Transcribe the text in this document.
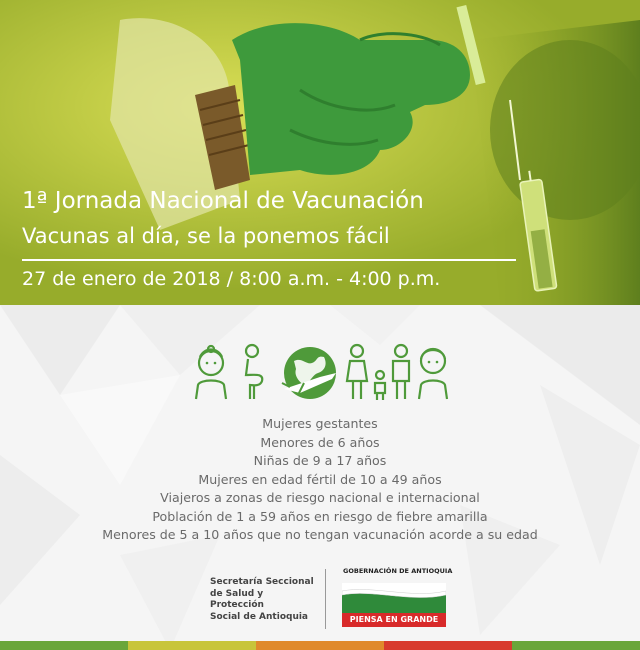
1ª Jornada Nacional de Vacunación
Vacunas al día, se la ponemos fácil
27 de enero de 2018 / 8:00 a.m. - 4:00 p.m.
Mujeres gestantes
Menores de 6 años
Niñas de 9 a 17 años
Mujeres en edad fértil de 10 a 49 años
Viajeros a zonas de riesgo nacional e internacional
Población de 1 a 59 años en riesgo de fiebre amarilla
Menores de 5 a 10 años que no tengan vacunación acorde a su edad
Secretaría Seccional
de Salud y Protección
Social de Antioquia
GOBERNACIÓN DE ANTIOQUIA
PIENSA EN GRANDE
